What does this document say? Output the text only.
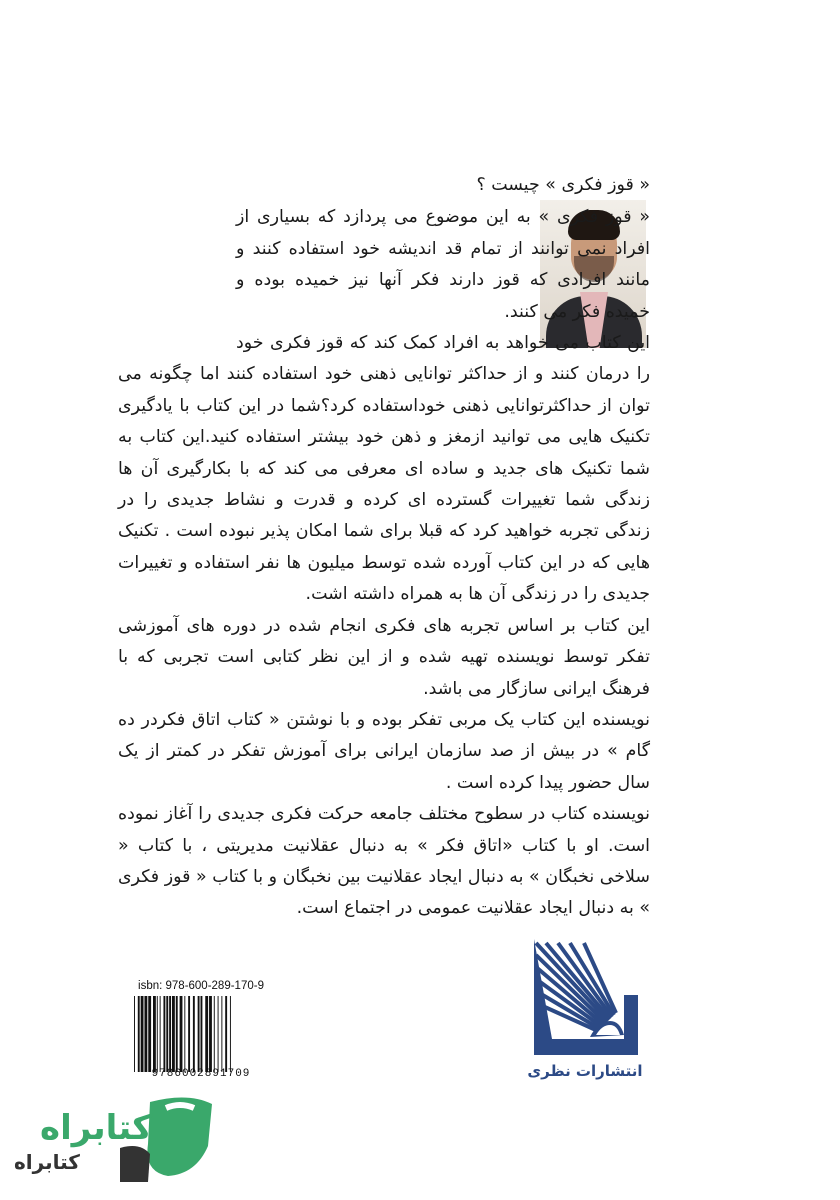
« قوز فکری » چیست ؟

« قوز فکری » به این موضوع می پردازد که بسیاری از افراد نمی توانند از تمام قد اندیشه خود استفاده کنند و مانند افرادی که قوز دارند فکر آنها نیز خمیده بوده و خمیده فکر می کنند.

این کتاب می خواهد به افراد کمک کند که قوز فکری خود را درمان کنند و از حداکثر توانایی ذهنی خود استفاده کنند اما چگونه می توان از حداکثرتوانایی ذهنی خوداستفاده کرد؟شما در این کتاب با یادگیری تکنیک هایی می توانید ازمغز و ذهن خود بیشتر استفاده کنید.این کتاب به شما تکنیک های جدید و ساده ای معرفی می کند که با بکارگیری آن ها زندگی شما تغییرات گسترده ای کرده و قدرت و نشاط جدیدی را در زندگی تجربه خواهید کرد که قبلا برای شما امکان پذیر نبوده است . تکنیک هایی که در این کتاب آورده شده توسط میلیون ها نفر استفاده و تغییرات جدیدی را در زندگی آن ها به همراه داشته اشت.

این کتاب بر اساس تجربه های فکری انجام شده در دوره های آموزشی تفکر توسط نویسنده تهیه شده و از این نظر کتابی است تجربی که با فرهنگ ایرانی سازگار می باشد.

نویسنده این کتاب یک مربی تفکر بوده و با نوشتن « کتاب اتاق فکردر ده گام » در بیش از صد سازمان ایرانی برای آموزش تفکر در کمتر از یک سال حضور پیدا کرده است .

نویسنده کتاب در سطوح مختلف جامعه حرکت فکری جدیدی را آغاز نموده است. او با کتاب «اتاق فکر » به دنبال عقلانیت مدیریتی ، با کتاب « سلاخی نخبگان » به دنبال ایجاد عقلانیت بین نخبگان و با کتاب « قوز فکری » به دنبال ایجاد عقلانیت عمومی در اجتماع است.

isbn: 978-600-289-170-9
9786002891709	انتشارات نظری
کتابراه
کتابراه
